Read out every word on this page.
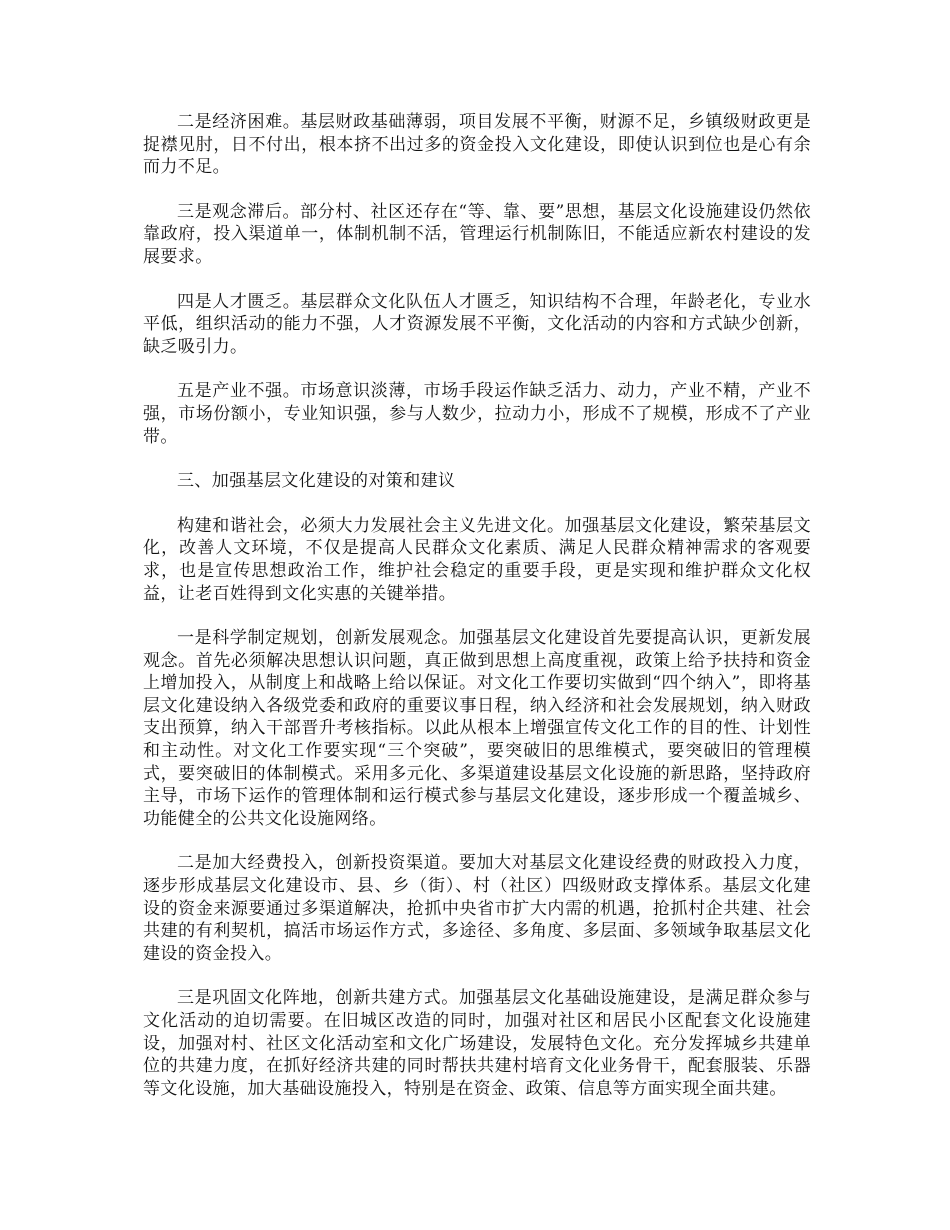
二是经济困难。基层财政基础薄弱，项目发展不平衡，财源不足，乡镇级财政更是捉襟见肘，日不付出，根本挤不出过多的资金投入文化建设，即使认识到位也是心有余而力不足。

三是观念滞后。部分村、社区还存在“等、靠、要”思想，基层文化设施建设仍然依靠政府，投入渠道单一，体制机制不活，管理运行机制陈旧，不能适应新农村建设的发展要求。

四是人才匮乏。基层群众文化队伍人才匮乏，知识结构不合理，年龄老化，专业水平低，组织活动的能力不强，人才资源发展不平衡，文化活动的内容和方式缺少创新，缺乏吸引力。

五是产业不强。市场意识淡薄，市场手段运作缺乏活力、动力，产业不精，产业不强，市场份额小，专业知识强，参与人数少，拉动力小，形成不了规模，形成不了产业带。

三、加强基层文化建设的对策和建议

构建和谐社会，必须大力发展社会主义先进文化。加强基层文化建设，繁荣基层文化，改善人文环境，不仅是提高人民群众文化素质、满足人民群众精神需求的客观要求，也是宣传思想政治工作，维护社会稳定的重要手段，更是实现和维护群众文化权益，让老百姓得到文化实惠的关键举措。

一是科学制定规划，创新发展观念。加强基层文化建设首先要提高认识，更新发展观念。首先必须解决思想认识问题，真正做到思想上高度重视，政策上给予扶持和资金上增加投入，从制度上和战略上给以保证。对文化工作要切实做到“四个纳入”，即将基层文化建设纳入各级党委和政府的重要议事日程，纳入经济和社会发展规划，纳入财政支出预算，纳入干部晋升考核指标。以此从根本上增强宣传文化工作的目的性、计划性和主动性。对文化工作要实现“三个突破”，要突破旧的思维模式，要突破旧的管理模式，要突破旧的体制模式。采用多元化、多渠道建设基层文化设施的新思路，坚持政府主导，市场下运作的管理体制和运行模式参与基层文化建设，逐步形成一个覆盖城乡、功能健全的公共文化设施网络。

二是加大经费投入，创新投资渠道。要加大对基层文化建设经费的财政投入力度，逐步形成基层文化建设市、县、乡（街）、村（社区）四级财政支撑体系。基层文化建设的资金来源要通过多渠道解决，抢抓中央省市扩大内需的机遇，抢抓村企共建、社会共建的有利契机，搞活市场运作方式，多途径、多角度、多层面、多领域争取基层文化建设的资金投入。

三是巩固文化阵地，创新共建方式。加强基层文化基础设施建设，是满足群众参与文化活动的迫切需要。在旧城区改造的同时，加强对社区和居民小区配套文化设施建设，加强对村、社区文化活动室和文化广场建设，发展特色文化。充分发挥城乡共建单位的共建力度，在抓好经济共建的同时帮扶共建村培育文化业务骨干，配套服装、乐器等文化设施，加大基础设施投入，特别是在资金、政策、信息等方面实现全面共建。
